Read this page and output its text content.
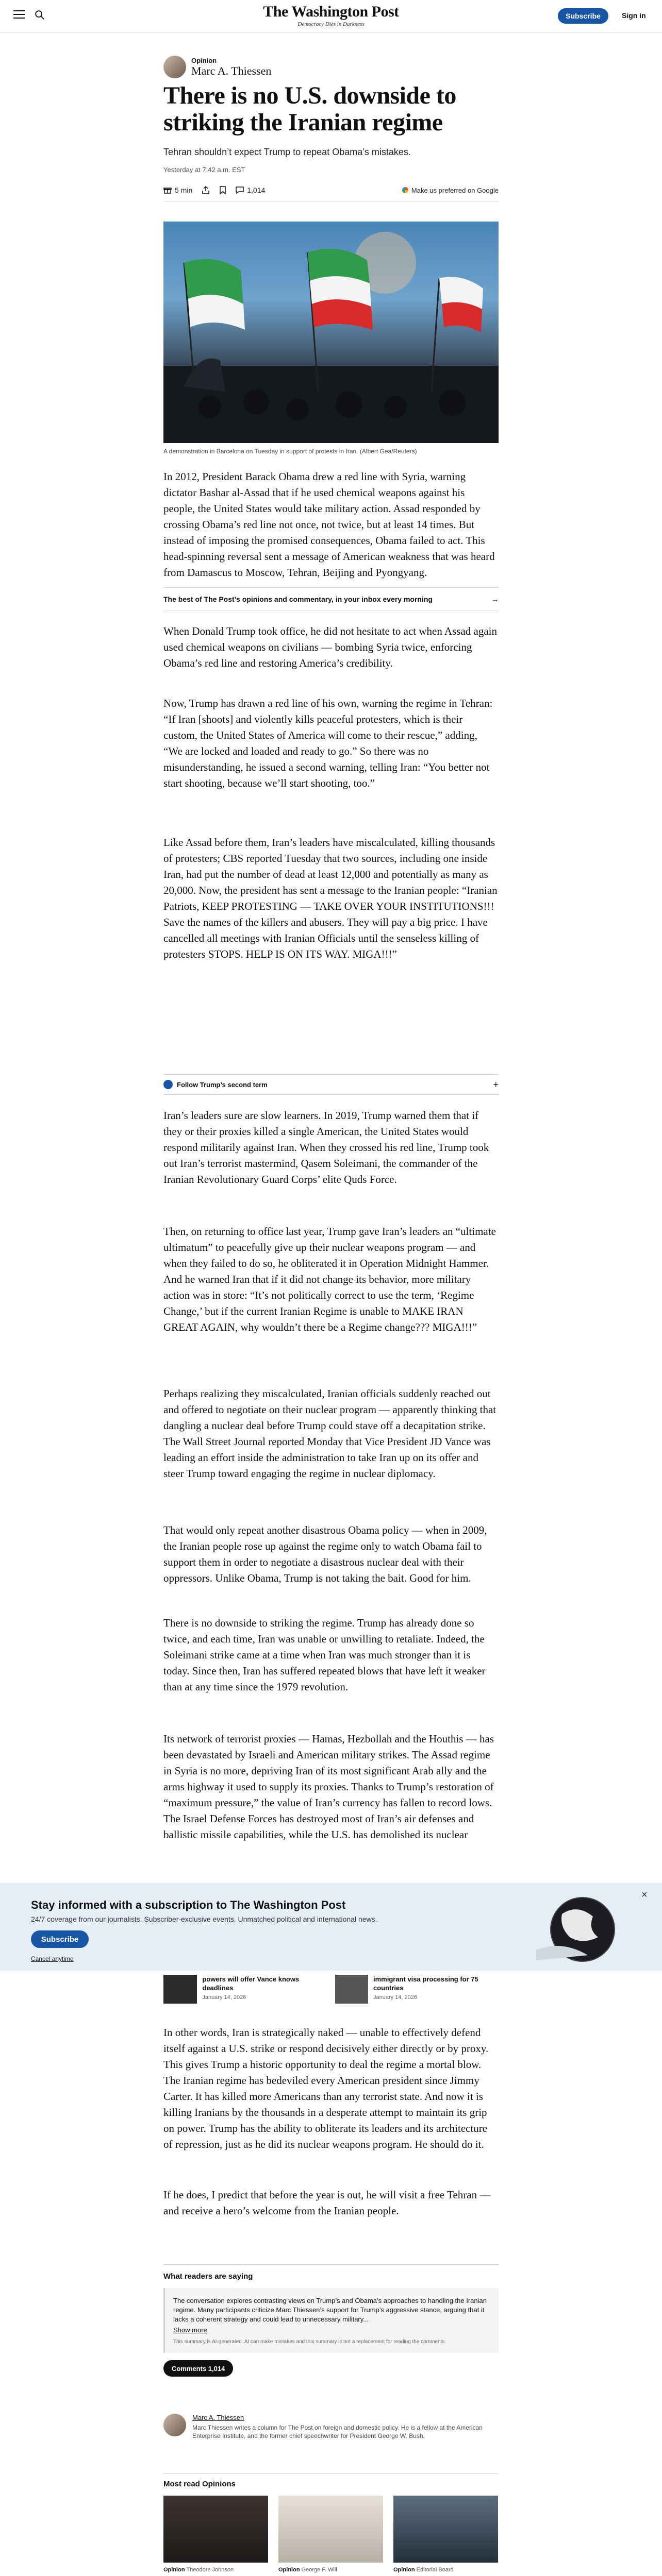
The Washington Post
Democracy Dies in Darkness
Subscribe	Sign in
Opinion
Marc A. Thiessen
There is no U.S. downside to striking the Iranian regime
Tehran shouldn’t expect Trump to repeat Obama’s mistakes.
Yesterday at 7:42 a.m. EST
5 min	1,014	Make us preferred on Google
A demonstration in Barcelona on Tuesday in support of protests in Iran. (Albert Gea/Reuters)

In 2012, President Barack Obama drew a red line with Syria, warning dictator Bashar al-Assad that if he used chemical weapons against his people, the United States would take military action. Assad responded by crossing Obama’s red line not once, not twice, but at least 14 times. But instead of imposing the promised consequences, Obama failed to act. This head-spinning reversal sent a message of American weakness that was heard from Damascus to Moscow, Tehran, Beijing and Pyongyang.

The best of The Post’s opinions and commentary, in your inbox every morning	→

When Donald Trump took office, he did not hesitate to act when Assad again used chemical weapons on civilians — bombing Syria twice, enforcing Obama’s red line and restoring America’s credibility.

Now, Trump has drawn a red line of his own, warning the regime in Tehran: “If Iran [shoots] and violently kills peaceful protesters, which is their custom, the United States of America will come to their rescue,” adding, “We are locked and loaded and ready to go.” So there was no misunderstanding, he issued a second warning, telling Iran: “You better not start shooting, because we’ll start shooting, too.”

Like Assad before them, Iran’s leaders have miscalculated, killing thousands of protesters; CBS reported Tuesday that two sources, including one inside Iran, had put the number of dead at least 12,000 and potentially as many as 20,000. Now, the president has sent a message to the Iranian people: “Iranian Patriots, KEEP PROTESTING — TAKE OVER YOUR INSTITUTIONS!!! Save the names of the killers and abusers. They will pay a big price. I have cancelled all meetings with Iranian Officials until the senseless killing of protesters STOPS. HELP IS ON ITS WAY. MIGA!!!”

Follow Trump’s second term	+

Iran’s leaders sure are slow learners. In 2019, Trump warned them that if they or their proxies killed a single American, the United States would respond militarily against Iran. When they crossed his red line, Trump took out Iran’s terrorist mastermind, Qasem Soleimani, the commander of the Iranian Revolutionary Guard Corps’ elite Quds Force.

Then, on returning to office last year, Trump gave Iran’s leaders an “ultimate ultimatum” to peacefully give up their nuclear weapons program — and when they failed to do so, he obliterated it in Operation Midnight Hammer. And he warned Iran that if it did not change its behavior, more military action was in store: “It’s not politically correct to use the term, ‘Regime Change,’ but if the current Iranian Regime is unable to MAKE IRAN GREAT AGAIN, why wouldn’t there be a Regime change??? MIGA!!!”

Perhaps realizing they miscalculated, Iranian officials suddenly reached out and offered to negotiate on their nuclear program — apparently thinking that dangling a nuclear deal before Trump could stave off a decapitation strike. The Wall Street Journal reported Monday that Vice President JD Vance was leading an effort inside the administration to take Iran up on its offer and steer Trump toward engaging the regime in nuclear diplomacy.

That would only repeat another disastrous Obama policy — when in 2009, the Iranian people rose up against the regime only to watch Obama fail to support them in order to negotiate a disastrous nuclear deal with their oppressors. Unlike Obama, Trump is not taking the bait. Good for him.

There is no downside to striking the regime. Trump has already done so twice, and each time, Iran was unable or unwilling to retaliate. Indeed, the Soleimani strike came at a time when Iran was much stronger than it is today. Since then, Iran has suffered repeated blows that have left it weaker than at any time since the 1979 revolution.

Its network of terrorist proxies — Hamas, Hezbollah and the Houthis — has been devastated by Israeli and American military strikes. The Assad regime in Syria is no more, depriving Iran of its most significant Arab ally and the arms highway it used to supply its proxies. Thanks to Trump’s restoration of “maximum pressure,” the value of Iran’s currency has fallen to record lows. The Israel Defense Forces has destroyed most of Iran’s air defenses and ballistic missile capabilities, while the U.S. has demolished its nuclear

Stay informed with a subscription to The Washington Post
24/7 coverage from our journalists. Subscriber-exclusive events. Unmatched political and international news.
Subscribe
Cancel anytime
×
powers will offer Vance knows deadlines
January 14, 2026
immigrant visa processing for 75 countries
January 14, 2026

In other words, Iran is strategically naked — unable to effectively defend itself against a U.S. strike or respond decisively either directly or by proxy. This gives Trump a historic opportunity to deal the regime a mortal blow. The Iranian regime has bedeviled every American president since Jimmy Carter. It has killed more Americans than any terrorist state. And now it is killing Iranians by the thousands in a desperate attempt to maintain its grip on power. Trump has the ability to obliterate its leaders and its architecture of repression, just as he did its nuclear weapons program. He should do it.

If he does, I predict that before the year is out, he will visit a free Tehran — and receive a hero’s welcome from the Iranian people.

What readers are saying
The conversation explores contrasting views on Trump’s and Obama’s approaches to handling the Iranian regime. Many participants criticize Marc Thiessen’s support for Trump’s aggressive stance, arguing that it lacks a coherent strategy and could lead to unnecessary military...
Show more
This summary is AI-generated. AI can make mistakes and this summary is not a replacement for reading the comments.
Comments 1,014
Marc A. Thiessen
Marc Thiessen writes a column for The Post on foreign and domestic policy. He is a fellow at the American Enterprise Institute, and the former chief speechwriter for President George W. Bush.
Most read Opinions
Opinion Theodore Johnson	Opinion George F. Will	Opinion Editorial Board
